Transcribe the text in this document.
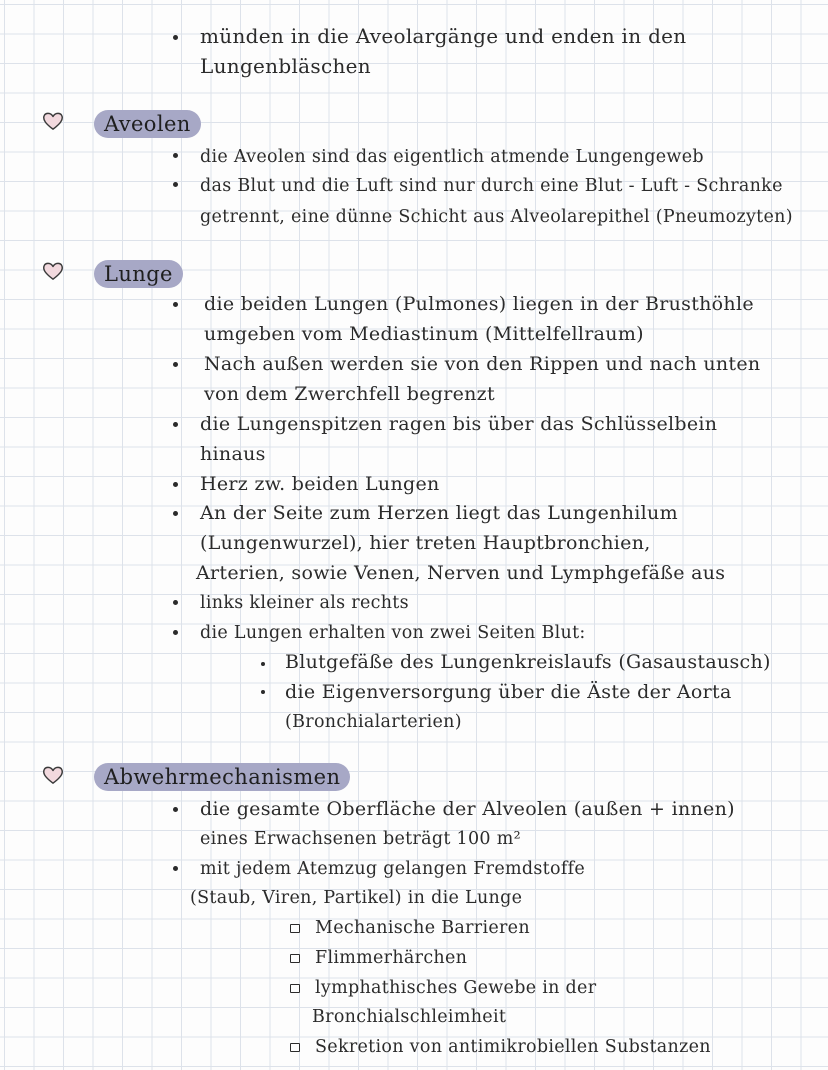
münden in die Aveolargänge und enden in den
Lungenbläschen
Aveolen
die Aveolen sind das eigentlich atmende Lungengeweb
das Blut und die Luft sind nur durch eine Blut - Luft - Schranke
getrennt, eine dünne Schicht aus Alveolarepithel (Pneumozyten)
Lunge
die beiden Lungen (Pulmones) liegen in der Brusthöhle
umgeben vom Mediastinum (Mittelfellraum)
Nach außen werden sie von den Rippen und nach unten
von dem Zwerchfell begrenzt
die Lungenspitzen ragen bis über das Schlüsselbein
hinaus
Herz zw. beiden Lungen
An der Seite zum Herzen liegt das Lungenhilum
(Lungenwurzel), hier treten Hauptbronchien,
Arterien, sowie Venen, Nerven und Lymphgefäße aus
links kleiner als rechts
die Lungen erhalten von zwei Seiten Blut:
Blutgefäße des Lungenkreislaufs (Gasaustausch)
die Eigenversorgung über die Äste der Aorta
(Bronchialarterien)
Abwehrmechanismen
die gesamte Oberfläche der Alveolen (außen + innen)
eines Erwachsenen beträgt 100 m²
mit jedem Atemzug gelangen Fremdstoffe
(Staub, Viren, Partikel) in die Lunge
Mechanische Barrieren
Flimmerhärchen
lymphathisches Gewebe in der
Bronchialschleimheit
Sekretion von antimikrobiellen Substanzen
